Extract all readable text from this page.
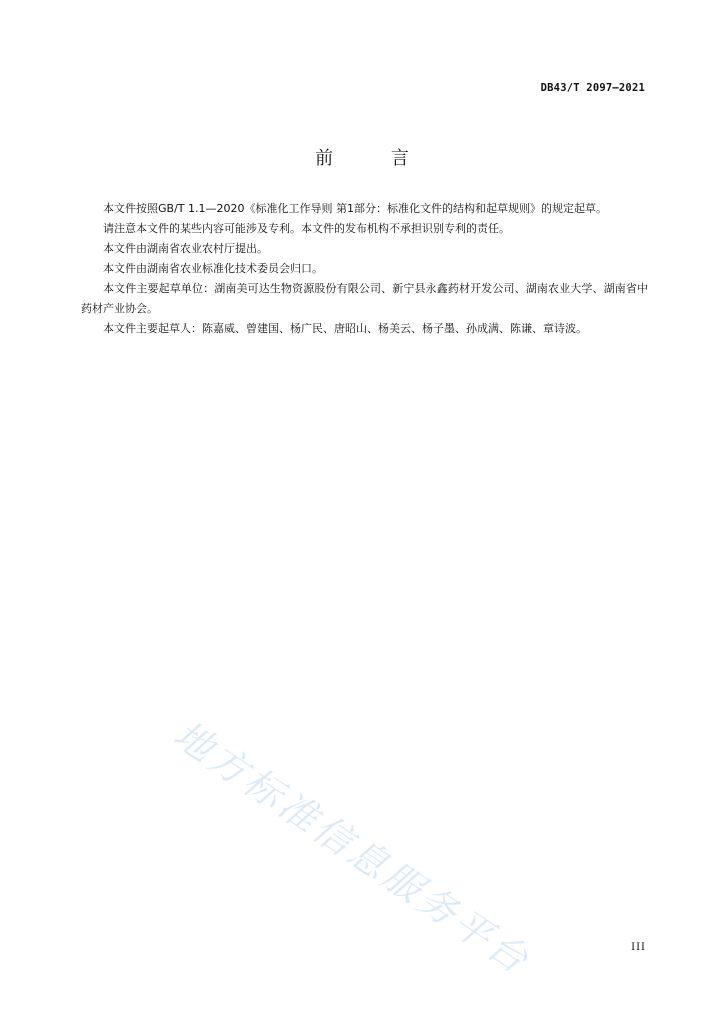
DB43/T 2097—2021
前 言

本文件按照GB/T 1.1—2020《标准化工作导则 第1部分：标准化文件的结构和起草规则》的规定起草。

请注意本文件的某些内容可能涉及专利。本文件的发布机构不承担识别专利的责任。

本文件由湖南省农业农村厅提出。

本文件由湖南省农业标准化技术委员会归口。

本文件主要起草单位：湖南美可达生物资源股份有限公司、新宁县永鑫药材开发公司、湖南农业大学、湖南省中药材产业协会。

本文件主要起草人：陈嘉威、曾建国、杨广民、唐昭山、杨美云、杨子墨、孙成满、陈谦、章诗波。

地方标准信息服务平台	III
